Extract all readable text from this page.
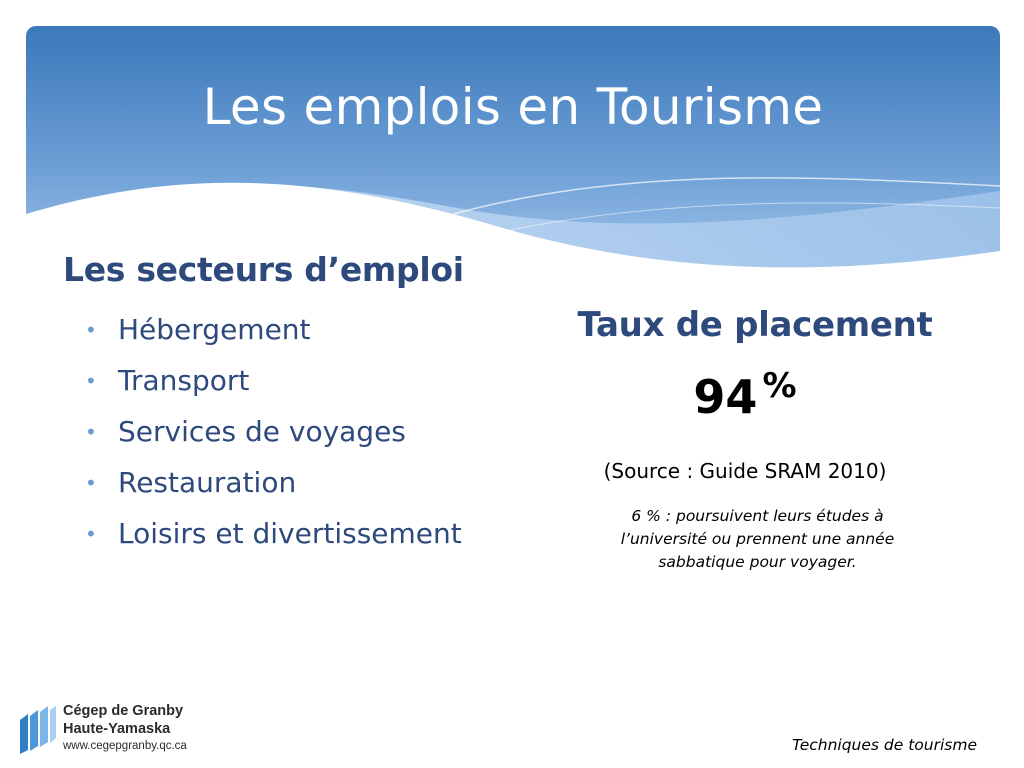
Les emplois en Tourisme
Les secteurs d’emploi
• Hébergement
• Transport
• Services de voyages
• Restauration
• Loisirs et divertissement
Taux de placement
94 %
(Source : Guide SRAM 2010)
6 % : poursuivent leurs études à l’université ou prennent une année sabbatique pour voyager.
Cégep de Granby
Haute-Yamaska
www.cegepgranby.qc.ca	Techniques de tourisme
